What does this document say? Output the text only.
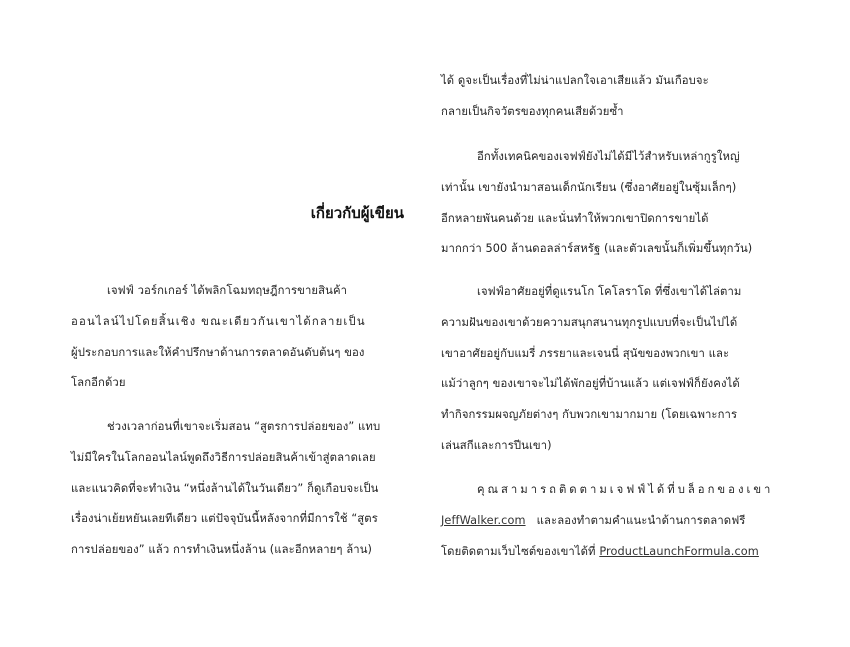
ได้ ดูจะเป็นเรื่องที่ไม่น่าแปลกใจเอาเสียแล้ว มันเกือบจะ
กลายเป็นกิจวัตรของทุกคนเสียด้วยซ้ำ
อีกทั้งเทคนิคของเจฟฟ์ยังไม่ได้มีไว้สำหรับเหล่ากูรูใหญ่
เท่านั้น เขายังนำมาสอนเด็กนักเรียน (ซึ่งอาศัยอยู่ในซุ้มเล็กๆ)
อีกหลายพันคนด้วย และนั่นทำให้พวกเขาปิดการขายได้
มากกว่า 500 ล้านดอลล่าร์สหรัฐ (และตัวเลขนั้นก็เพิ่มขึ้นทุกวัน)
เจฟฟ์อาศัยอยู่ที่ดูแรนโก โคโลราโด ที่ซึ่งเขาได้ไล่ตาม
ความฝันของเขาด้วยความสนุกสนานทุกรูปแบบที่จะเป็นไปได้
เขาอาศัยอยู่กับแมรี่ ภรรยาและเจนนี่ สุนัขของพวกเขา และ
แม้ว่าลูกๆ ของเขาจะไม่ได้พักอยู่ที่บ้านแล้ว แต่เจฟฟ์ก็ยังคงได้
ทำกิจกรรมผจญภัยต่างๆ กับพวกเขามากมาย (โดยเฉพาะการ
เล่นสกีและการปีนเขา)
คุณสามารถติดตามเจฟฟ์ได้ที่บล็อกของเขา
JeffWalker.com และลองทำตามคำแนะนำด้านการตลาดฟรี
โดยติดตามเว็บไซต์ของเขาได้ที่ ProductLaunchFormula.com
เกี่ยวกับผู้เขียน
เจฟฟ์ วอร์กเกอร์ ได้พลิกโฉมทฤษฎีการขายสินค้า
ออนไลน์ไปโดยสิ้นเชิง ขณะเดียวกันเขาได้กลายเป็น
ผู้ประกอบการและให้คำปรึกษาด้านการตลาดอันดับต้นๆ ของ
โลกอีกด้วย
ช่วงเวลาก่อนที่เขาจะเริ่มสอน “สูตรการปล่อยของ” แทบ
ไม่มีใครในโลกออนไลน์พูดถึงวิธีการปล่อยสินค้าเข้าสู่ตลาดเลย
และแนวคิดที่จะทำเงิน “หนึ่งล้านได้ในวันเดียว” ก็ดูเกือบจะเป็น
เรื่องน่าเย้ยหยันเลยทีเดียว แต่ปัจจุบันนี้หลังจากที่มีการใช้ “สูตร
การปล่อยของ” แล้ว การทำเงินหนึ่งล้าน (และอีกหลายๆ ล้าน)
